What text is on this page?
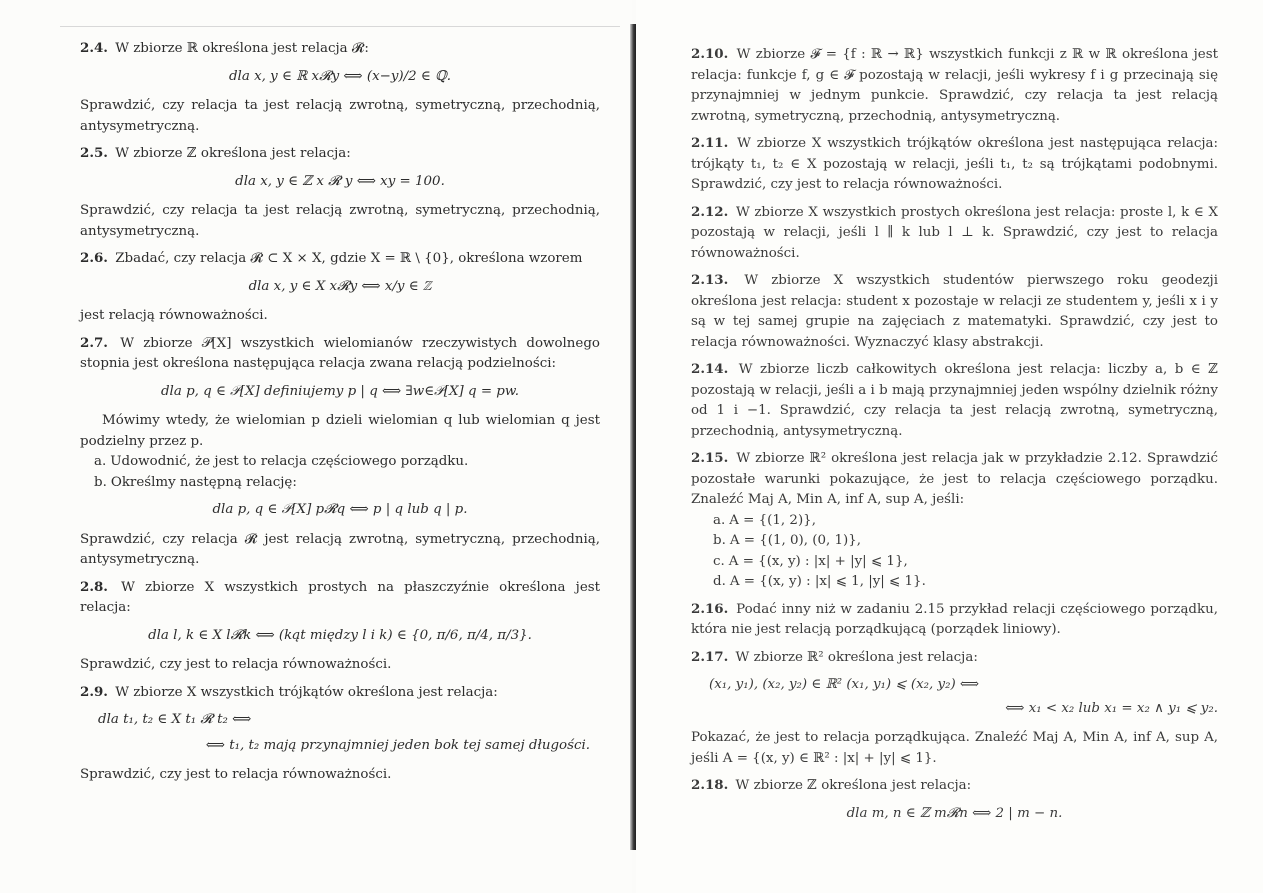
2.4. W zbiorze ℝ określona jest relacja 𝓡:

dla x, y ∈ ℝ x𝓡y ⟺ (x−y)/2 ∈ ℚ.

Sprawdzić, czy relacja ta jest relacją zwrotną, symetryczną, przechodnią, antysymetryczną.

2.5. W zbiorze ℤ określona jest relacja:

dla x, y ∈ ℤ x 𝓡 y ⟺ xy = 100.

Sprawdzić, czy relacja ta jest relacją zwrotną, symetryczną, przechodnią, antysymetryczną.

2.6. Zbadać, czy relacja 𝓡 ⊂ X × X, gdzie X = ℝ \ {0}, określona wzorem

dla x, y ∈ X x𝓡y ⟺ x/y ∈ ℤ

jest relacją równoważności.

2.7. W zbiorze 𝒫[X] wszystkich wielomianów rzeczywistych dowolnego stopnia jest określona następująca relacja zwana relacją podzielności:

dla p, q ∈ 𝒫[X] definiujemy p | q ⟺ ∃w∈𝒫[X] q = pw.

Mówimy wtedy, że wielomian p dzieli wielomian q lub wielomian q jest podzielny przez p.

a. Udowodnić, że jest to relacja częściowego porządku.

b. Określmy następną relację:

dla p, q ∈ 𝒫[X] p𝓡q ⟺ p | q lub q | p.

Sprawdzić, czy relacja 𝓡 jest relacją zwrotną, symetryczną, przechodnią, antysymetryczną.

2.8. W zbiorze X wszystkich prostych na płaszczyźnie określona jest relacja:

dla l, k ∈ X l𝓡k ⟺ (kąt między l i k) ∈ {0, π/6, π/4, π/3}.

Sprawdzić, czy jest to relacja równoważności.

2.9. W zbiorze X wszystkich trójkątów określona jest relacja:

dla t₁, t₂ ∈ X t₁ 𝓡 t₂ ⟺

⟺ t₁, t₂ mają przynajmniej jeden bok tej samej długości.

Sprawdzić, czy jest to relacja równoważności.

2.10. W zbiorze 𝓕 = {f : ℝ → ℝ} wszystkich funkcji z ℝ w ℝ określona jest relacja: funkcje f, g ∈ 𝓕 pozostają w relacji, jeśli wykresy f i g przecinają się przynajmniej w jednym punkcie. Sprawdzić, czy relacja ta jest relacją zwrotną, symetryczną, przechodnią, antysymetryczną.

2.11. W zbiorze X wszystkich trójkątów określona jest następująca relacja: trójkąty t₁, t₂ ∈ X pozostają w relacji, jeśli t₁, t₂ są trójkątami podobnymi. Sprawdzić, czy jest to relacja równoważności.

2.12. W zbiorze X wszystkich prostych określona jest relacja: proste l, k ∈ X pozostają w relacji, jeśli l ∥ k lub l ⊥ k. Sprawdzić, czy jest to relacja równoważności.

2.13. W zbiorze X wszystkich studentów pierwszego roku geodezji określona jest relacja: student x pozostaje w relacji ze studentem y, jeśli x i y są w tej samej grupie na zajęciach z matematyki. Sprawdzić, czy jest to relacja równoważności. Wyznaczyć klasy abstrakcji.

2.14. W zbiorze liczb całkowitych określona jest relacja: liczby a, b ∈ ℤ pozostają w relacji, jeśli a i b mają przynajmniej jeden wspólny dzielnik różny od 1 i −1. Sprawdzić, czy relacja ta jest relacją zwrotną, symetryczną, przechodnią, antysymetryczną.

2.15. W zbiorze ℝ² określona jest relacja jak w przykładzie 2.12. Sprawdzić pozostałe warunki pokazujące, że jest to relacja częściowego porządku. Znaleźć Maj A, Min A, inf A, sup A, jeśli:

a. A = {(1, 2)},

b. A = {(1, 0), (0, 1)},

c. A = {(x, y) : |x| + |y| ⩽ 1},

d. A = {(x, y) : |x| ⩽ 1, |y| ⩽ 1}.

2.16. Podać inny niż w zadaniu 2.15 przykład relacji częściowego porządku, która nie jest relacją porządkującą (porządek liniowy).

2.17. W zbiorze ℝ² określona jest relacja:

(x₁, y₁), (x₂, y₂) ∈ ℝ² (x₁, y₁) ⩽ (x₂, y₂) ⟺

⟺ x₁ < x₂ lub x₁ = x₂ ∧ y₁ ⩽ y₂.

Pokazać, że jest to relacja porządkująca. Znaleźć Maj A, Min A, inf A, sup A, jeśli A = {(x, y) ∈ ℝ² : |x| + |y| ⩽ 1}.

2.18. W zbiorze ℤ określona jest relacja:

dla m, n ∈ ℤ m𝓡n ⟺ 2 | m − n.
